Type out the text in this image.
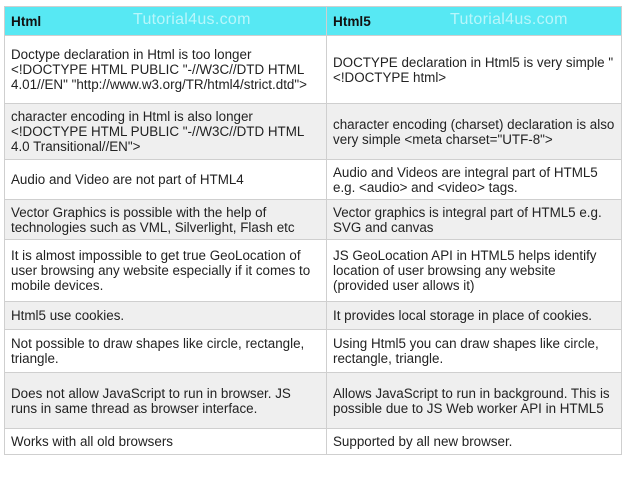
Html Tutorial4us.com	Html5 Tutorial4us.com

Doctype declaration in Html is too longer <!DOCTYPE HTML PUBLIC "-//W3C//DTD HTML 4.01//EN" "http://www.w3.org/TR/html4/strict.dtd">	DOCTYPE declaration in Html5 is very simple "<!DOCTYPE html>
character encoding in Html is also longer <!DOCTYPE HTML PUBLIC "-//W3C//DTD HTML 4.0 Transitional//EN">	character encoding (charset) declaration is also very simple <meta charset="UTF-8">
Audio and Video are not part of HTML4	Audio and Videos are integral part of HTML5 e.g. <audio> and <video> tags.
Vector Graphics is possible with the help of technologies such as VML, Silverlight, Flash etc	Vector graphics is integral part of HTML5 e.g. SVG and canvas
It is almost impossible to get true GeoLocation of user browsing any website especially if it comes to mobile devices.	JS GeoLocation API in HTML5 helps identify location of user browsing any website (provided user allows it)
Html5 use cookies.	It provides local storage in place of cookies.
Not possible to draw shapes like circle, rectangle, triangle.	Using Html5 you can draw shapes like circle, rectangle, triangle.
Does not allow JavaScript to run in browser. JS runs in same thread as browser interface.	Allows JavaScript to run in background. This is possible due to JS Web worker API in HTML5
Works with all old browsers	Supported by all new browser.
